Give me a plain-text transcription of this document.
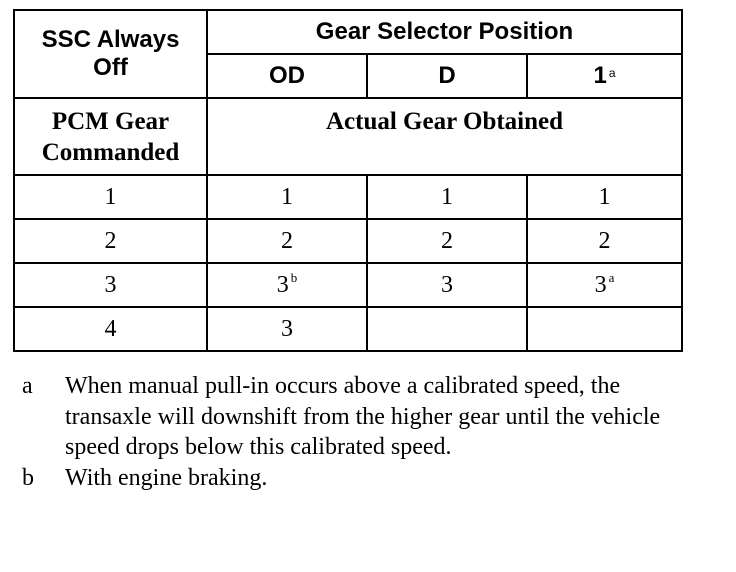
SSC Always Off	Gear Selector Position		
	OD	D	1 $^a$

PCM Gear Commanded	Actual Gear Obtained		
1	1	1	1
2	2	2	2
3	3 $^b$	3	3 $^a$
4	3		
a	When manual pull-in occurs above a calibrated speed, the transaxle will downshift from the higher gear until the vehicle speed drops below this calibrated speed.
b	With engine braking.
